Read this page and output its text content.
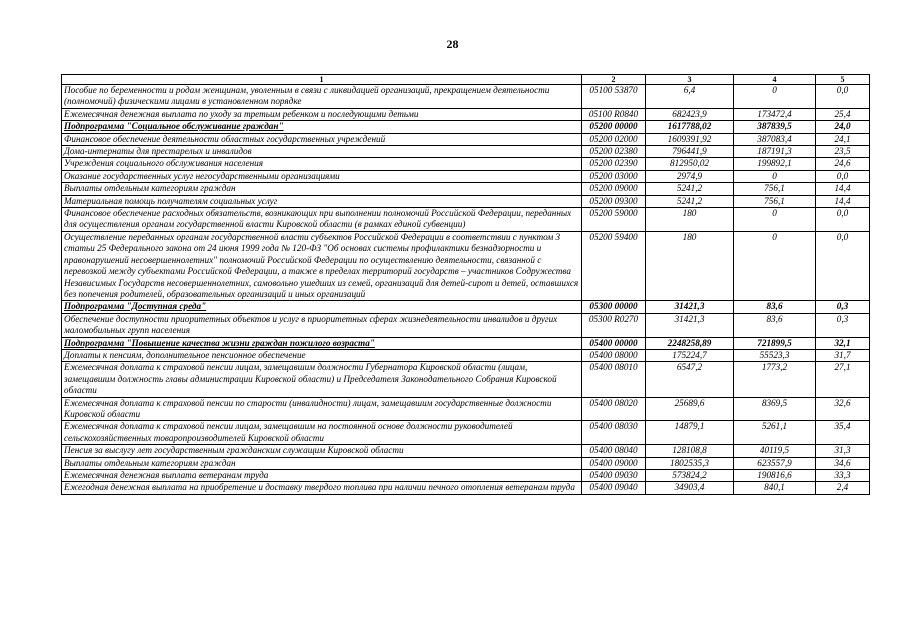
28
1	2	3	4	5
Пособие по беременности и родам женщинам, уволенным в связи с ликвидацией организаций, прекращением деятельности (полномочий) физическими лицами в установленном порядке	05100 53870	6,4	0	0,0
Ежемесячная денежная выплата по уходу за третьим ребенком и последующими детьми	05100 R0840	682423,9	173472,4	25,4
Подпрограмма "Социальное обслуживание граждан"	05200 00000	1617788,02	387839,5	24,0
Финансовое обеспечение деятельности областных государственных учреждений	05200 02000	1609391,92	387083,4	24,1
Дома-интернаты для престарелых и инвалидов	05200 02380	796441,9	187191,3	23,5
Учреждения социального обслуживания населения	05200 02390	812950,02	199892,1	24,6
Оказание государственных услуг негосударственными организациями	05200 03000	2974,9	0	0,0
Выплаты отдельным категориям граждан	05200 09000	5241,2	756,1	14,4
Материальная помощь получателям социальных услуг	05200 09300	5241,2	756,1	14,4
Финансовое обеспечение расходных обязательств, возникающих при выполнении полномочий Российской Федерации, переданных для осуществления органам государственной власти Кировской области (в рамках единой субвенции)	05200 59000	180	0	0,0
Осуществление переданных органам государственной власти субъектов Российской Федерации в соответствии с пунктом 3 статьи 25 Федерального закона от 24 июня 1999 года № 120-ФЗ "Об основах системы профилактики безнадзорности и правонарушений несовершеннолетних" полномочий Российской Федерации по осуществлению деятельности, связанной с перевозкой между субъектами Российской Федерации, а также в пределах территорий государств – участников Содружества Независимых Государств несовершеннолетних, самовольно ушедших из семей, организаций для детей-сирот и детей, оставшихся без попечения родителей, образовательных организаций и иных организаций	05200 59400	180	0	0,0
Подпрограмма "Доступная среда"	05300 00000	31421,3	83,6	0,3
Обеспечение доступности приоритетных объектов и услуг в приоритетных сферах жизнедеятельности инвалидов и других маломобильных групп населения	05300 R0270	31421,3	83,6	0,3
Подпрограмма "Повышение качества жизни граждан пожилого возраста"	05400 00000	2248258,89	721899,5	32,1
Доплаты к пенсиям, дополнительное пенсионное обеспечение	05400 08000	175224,7	55523,3	31,7
Ежемесячная доплата к страховой пенсии лицам, замещавшим должности Губернатора Кировской области (лицам, замещавшим должность главы администрации Кировской области) и Председателя Законодательного Собрания Кировской области	05400 08010	6547,2	1773,2	27,1
Ежемесячная доплата к страховой пенсии по старости (инвалидности) лицам, замещавшим государственные должности Кировской области	05400 08020	25689,6	8369,5	32,6
Ежемесячная доплата к страховой пенсии лицам, замещавшим на постоянной основе должности руководителей сельскохозяйственных товаропроизводителей Кировской области	05400 08030	14879,1	5261,1	35,4
Пенсия за выслугу лет государственным гражданским служащим Кировской области	05400 08040	128108,8	40119,5	31,3
Выплаты отдельным категориям граждан	05400 09000	1802535,3	623557,9	34,6
Ежемесячная денежная выплата ветеранам труда	05400 09030	573824,2	190816,6	33,3
Ежегодная денежная выплата на приобретение и доставку твердого топлива при наличии печного отопления ветеранам труда	05400 09040	34903,4	840,1	2,4
